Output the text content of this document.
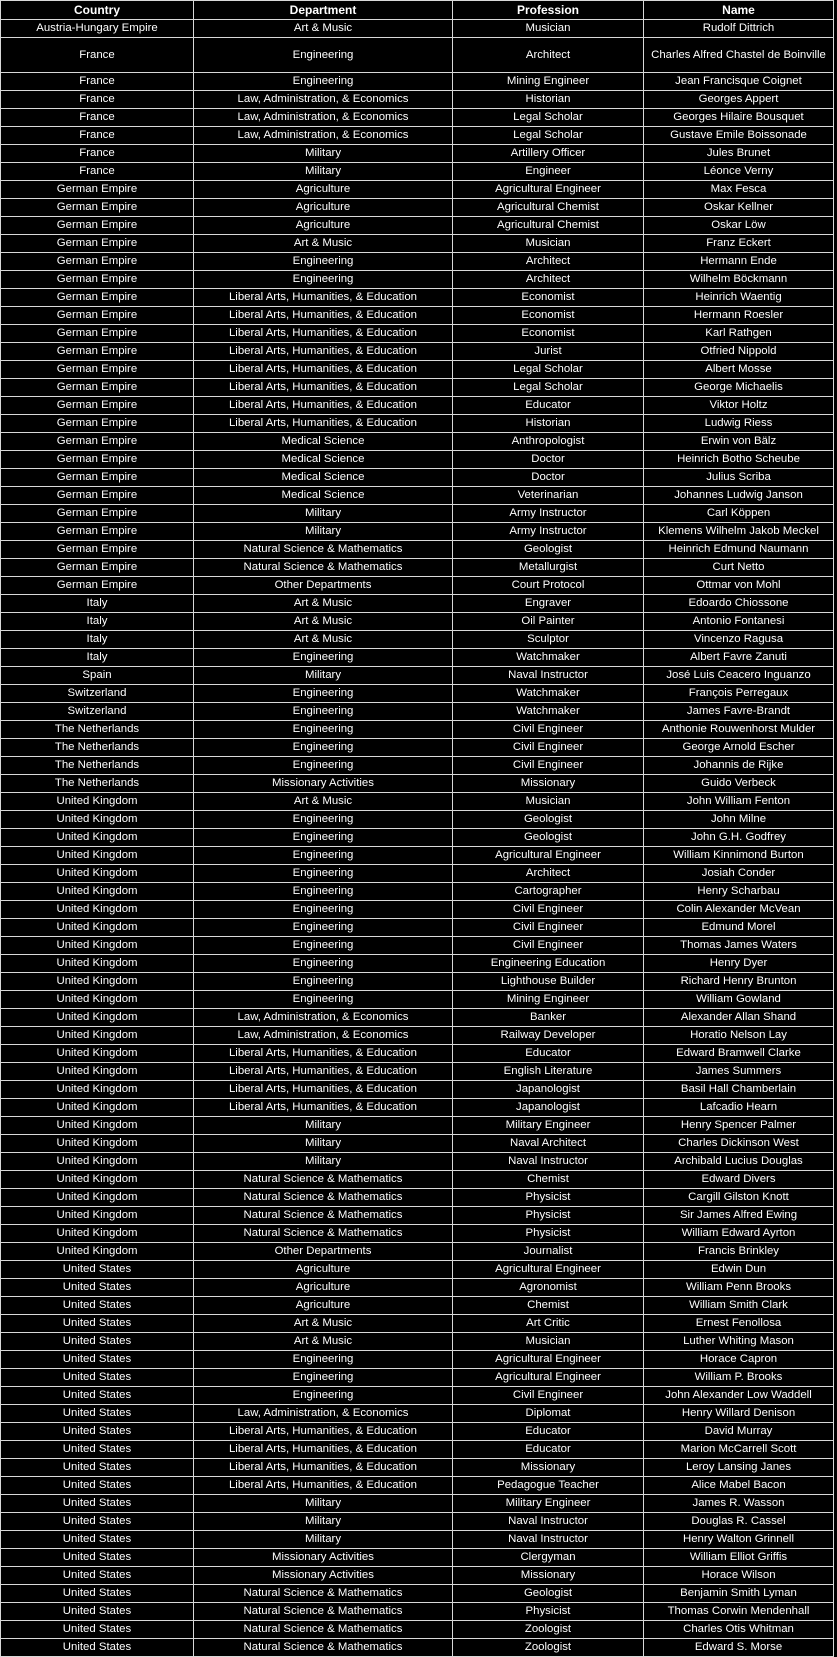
Country	Department	Profession	Name
Austria-Hungary Empire	Art & Music	Musician	Rudolf Dittrich
France	Engineering	Architect	Charles Alfred Chastel de Boinville
France	Engineering	Mining Engineer	Jean Francisque Coignet
France	Law, Administration, & Economics	Historian	Georges Appert
France	Law, Administration, & Economics	Legal Scholar	Georges Hilaire Bousquet
France	Law, Administration, & Economics	Legal Scholar	Gustave Emile Boissonade
France	Military	Artillery Officer	Jules Brunet
France	Military	Engineer	Léonce Verny
German Empire	Agriculture	Agricultural Engineer	Max Fesca
German Empire	Agriculture	Agricultural Chemist	Oskar Kellner
German Empire	Agriculture	Agricultural Chemist	Oskar Löw
German Empire	Art & Music	Musician	Franz Eckert
German Empire	Engineering	Architect	Hermann Ende
German Empire	Engineering	Architect	Wilhelm Böckmann
German Empire	Liberal Arts, Humanities, & Education	Economist	Heinrich Waentig
German Empire	Liberal Arts, Humanities, & Education	Economist	Hermann Roesler
German Empire	Liberal Arts, Humanities, & Education	Economist	Karl Rathgen
German Empire	Liberal Arts, Humanities, & Education	Jurist	Otfried Nippold
German Empire	Liberal Arts, Humanities, & Education	Legal Scholar	Albert Mosse
German Empire	Liberal Arts, Humanities, & Education	Legal Scholar	George Michaelis
German Empire	Liberal Arts, Humanities, & Education	Educator	Viktor Holtz
German Empire	Liberal Arts, Humanities, & Education	Historian	Ludwig Riess
German Empire	Medical Science	Anthropologist	Erwin von Bälz
German Empire	Medical Science	Doctor	Heinrich Botho Scheube
German Empire	Medical Science	Doctor	Julius Scriba
German Empire	Medical Science	Veterinarian	Johannes Ludwig Janson
German Empire	Military	Army Instructor	Carl Köppen
German Empire	Military	Army Instructor	Klemens Wilhelm Jakob Meckel
German Empire	Natural Science & Mathematics	Geologist	Heinrich Edmund Naumann
German Empire	Natural Science & Mathematics	Metallurgist	Curt Netto
German Empire	Other Departments	Court Protocol	Ottmar von Mohl
Italy	Art & Music	Engraver	Edoardo Chiossone
Italy	Art & Music	Oil Painter	Antonio Fontanesi
Italy	Art & Music	Sculptor	Vincenzo Ragusa
Italy	Engineering	Watchmaker	Albert Favre Zanuti
Spain	Military	Naval Instructor	José Luis Ceacero Inguanzo
Switzerland	Engineering	Watchmaker	François Perregaux
Switzerland	Engineering	Watchmaker	James Favre-Brandt
The Netherlands	Engineering	Civil Engineer	Anthonie Rouwenhorst Mulder
The Netherlands	Engineering	Civil Engineer	George Arnold Escher
The Netherlands	Engineering	Civil Engineer	Johannis de Rijke
The Netherlands	Missionary Activities	Missionary	Guido Verbeck
United Kingdom	Art & Music	Musician	John William Fenton
United Kingdom	Engineering	Geologist	John Milne
United Kingdom	Engineering	Geologist	John G.H. Godfrey
United Kingdom	Engineering	Agricultural Engineer	William Kinnimond Burton
United Kingdom	Engineering	Architect	Josiah Conder
United Kingdom	Engineering	Cartographer	Henry Scharbau
United Kingdom	Engineering	Civil Engineer	Colin Alexander McVean
United Kingdom	Engineering	Civil Engineer	Edmund Morel
United Kingdom	Engineering	Civil Engineer	Thomas James Waters
United Kingdom	Engineering	Engineering Education	Henry Dyer
United Kingdom	Engineering	Lighthouse Builder	Richard Henry Brunton
United Kingdom	Engineering	Mining Engineer	William Gowland
United Kingdom	Law, Administration, & Economics	Banker	Alexander Allan Shand
United Kingdom	Law, Administration, & Economics	Railway Developer	Horatio Nelson Lay
United Kingdom	Liberal Arts, Humanities, & Education	Educator	Edward Bramwell Clarke
United Kingdom	Liberal Arts, Humanities, & Education	English Literature	James Summers
United Kingdom	Liberal Arts, Humanities, & Education	Japanologist	Basil Hall Chamberlain
United Kingdom	Liberal Arts, Humanities, & Education	Japanologist	Lafcadio Hearn
United Kingdom	Military	Military Engineer	Henry Spencer Palmer
United Kingdom	Military	Naval Architect	Charles Dickinson West
United Kingdom	Military	Naval Instructor	Archibald Lucius Douglas
United Kingdom	Natural Science & Mathematics	Chemist	Edward Divers
United Kingdom	Natural Science & Mathematics	Physicist	Cargill Gilston Knott
United Kingdom	Natural Science & Mathematics	Physicist	Sir James Alfred Ewing
United Kingdom	Natural Science & Mathematics	Physicist	William Edward Ayrton
United Kingdom	Other Departments	Journalist	Francis Brinkley
United States	Agriculture	Agricultural Engineer	Edwin Dun
United States	Agriculture	Agronomist	William Penn Brooks
United States	Agriculture	Chemist	William Smith Clark
United States	Art & Music	Art Critic	Ernest Fenollosa
United States	Art & Music	Musician	Luther Whiting Mason
United States	Engineering	Agricultural Engineer	Horace Capron
United States	Engineering	Agricultural Engineer	William P. Brooks
United States	Engineering	Civil Engineer	John Alexander Low Waddell
United States	Law, Administration, & Economics	Diplomat	Henry Willard Denison
United States	Liberal Arts, Humanities, & Education	Educator	David Murray
United States	Liberal Arts, Humanities, & Education	Educator	Marion McCarrell Scott
United States	Liberal Arts, Humanities, & Education	Missionary	Leroy Lansing Janes
United States	Liberal Arts, Humanities, & Education	Pedagogue Teacher	Alice Mabel Bacon
United States	Military	Military Engineer	James R. Wasson
United States	Military	Naval Instructor	Douglas R. Cassel
United States	Military	Naval Instructor	Henry Walton Grinnell
United States	Missionary Activities	Clergyman	William Elliot Griffis
United States	Missionary Activities	Missionary	Horace Wilson
United States	Natural Science & Mathematics	Geologist	Benjamin Smith Lyman
United States	Natural Science & Mathematics	Physicist	Thomas Corwin Mendenhall
United States	Natural Science & Mathematics	Zoologist	Charles Otis Whitman
United States	Natural Science & Mathematics	Zoologist	Edward S. Morse
